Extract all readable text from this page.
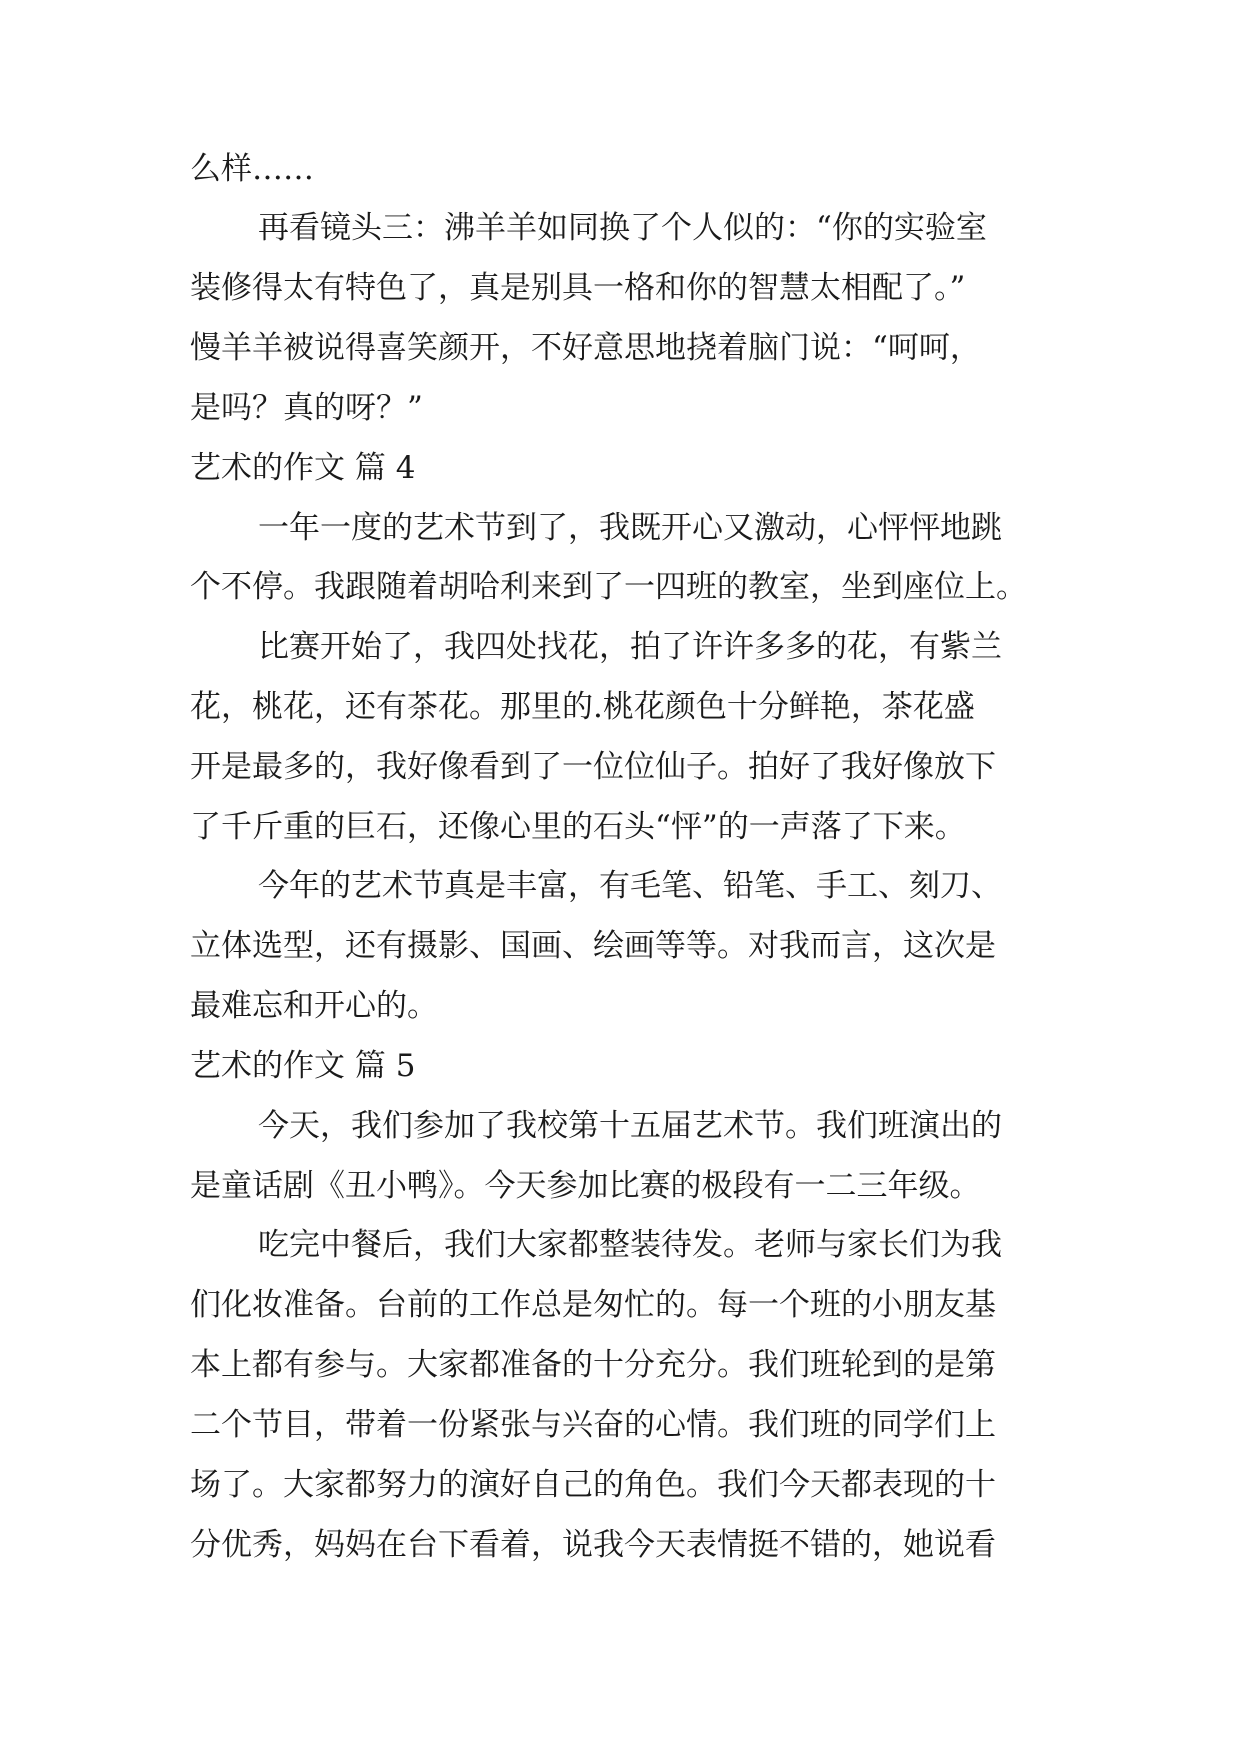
么样……
再看镜头三：沸羊羊如同换了个人似的：“你的实验室
装修得太有特色了，真是别具一格和你的智慧太相配了。”
慢羊羊被说得喜笑颜开，不好意思地挠着脑门说：“呵呵，
是吗？真的呀？”
艺术的作文 篇 4
一年一度的艺术节到了，我既开心又激动，心怦怦地跳
个不停。我跟随着胡哈利来到了一四班的教室，坐到座位上。
比赛开始了，我四处找花，拍了许许多多的花，有紫兰
花，桃花，还有茶花。那里的.桃花颜色十分鲜艳，茶花盛
开是最多的，我好像看到了一位位仙子。拍好了我好像放下
了千斤重的巨石，还像心里的石头“怦”的一声落了下来。
今年的艺术节真是丰富，有毛笔、铅笔、手工、刻刀、
立体选型，还有摄影、国画、绘画等等。对我而言，这次是
最难忘和开心的。
艺术的作文 篇 5
今天，我们参加了我校第十五届艺术节。我们班演出的
是童话剧《丑小鸭》。今天参加比赛的极段有一二三年级。
吃完中餐后，我们大家都整装待发。老师与家长们为我
们化妆准备。台前的工作总是匆忙的。每一个班的小朋友基
本上都有参与。大家都准备的十分充分。我们班轮到的是第
二个节目，带着一份紧张与兴奋的心情。我们班的同学们上
场了。大家都努力的演好自己的角色。我们今天都表现的十
分优秀，妈妈在台下看着，说我今天表情挺不错的，她说看
